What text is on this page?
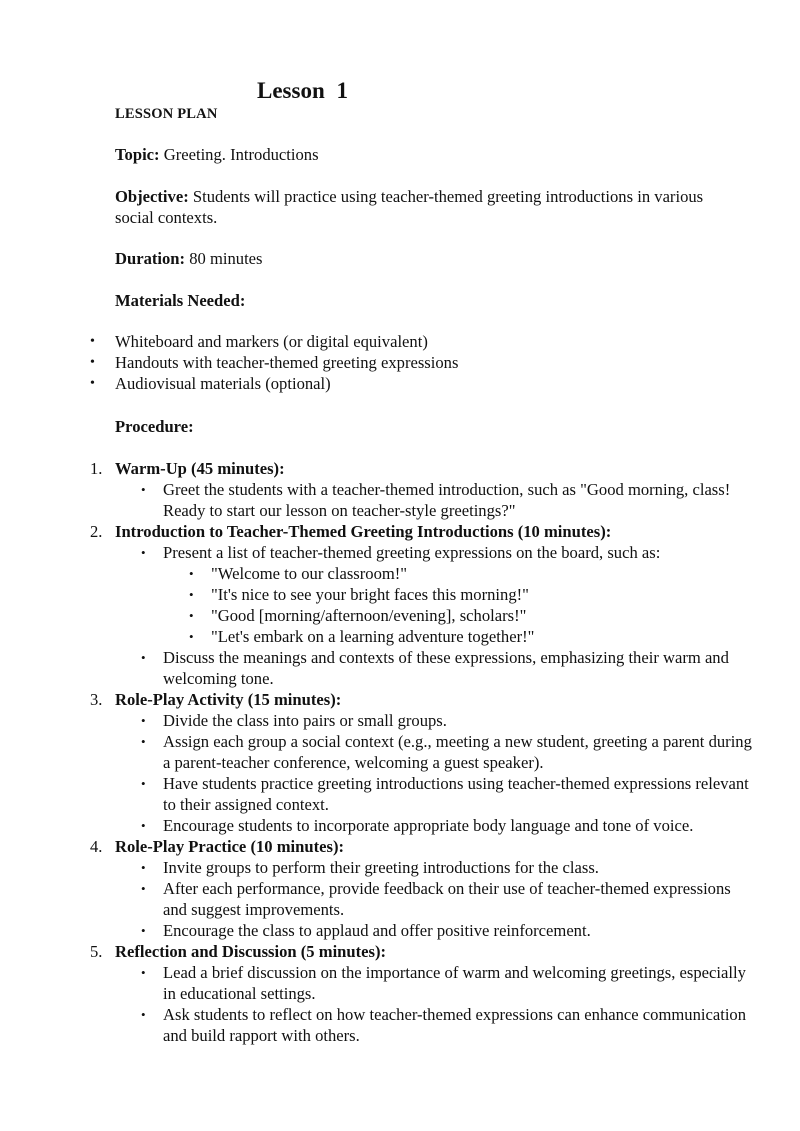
Lesson 1
LESSON PLAN

Topic: Greeting. Introductions

Objective: Students will practice using teacher-themed greeting introductions in various social contexts.

Duration: 80 minutes

Materials Needed:

• Whiteboard and markers (or digital equivalent)
• Handouts with teacher-themed greeting expressions
• Audiovisual materials (optional)

Procedure:

1. Warm-Up (45 minutes):
• Greet the students with a teacher-themed introduction, such as "Good morning, class! Ready to start our lesson on teacher-style greetings?"
2. Introduction to Teacher-Themed Greeting Introductions (10 minutes):
• Present a list of teacher-themed greeting expressions on the board, such as:
• "Welcome to our classroom!"
• "It's nice to see your bright faces this morning!"
• "Good [morning/afternoon/evening], scholars!"
• "Let's embark on a learning adventure together!"
• Discuss the meanings and contexts of these expressions, emphasizing their warm and welcoming tone.
3. Role-Play Activity (15 minutes):
• Divide the class into pairs or small groups.
• Assign each group a social context (e.g., meeting a new student, greeting a parent during a parent-teacher conference, welcoming a guest speaker).
• Have students practice greeting introductions using teacher-themed expressions relevant to their assigned context.
• Encourage students to incorporate appropriate body language and tone of voice.
4. Role-Play Practice (10 minutes):
• Invite groups to perform their greeting introductions for the class.
• After each performance, provide feedback on their use of teacher-themed expressions and suggest improvements.
• Encourage the class to applaud and offer positive reinforcement.
5. Reflection and Discussion (5 minutes):
• Lead a brief discussion on the importance of warm and welcoming greetings, especially in educational settings.
• Ask students to reflect on how teacher-themed expressions can enhance communication and build rapport with others.
